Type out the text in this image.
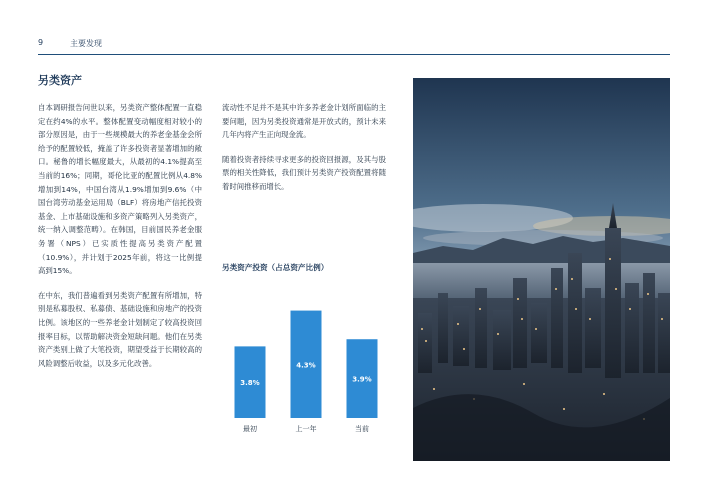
9	主要发现
另类资产

自本调研报告问世以来，另类资产整体配置一直稳定在约4%的水平。整体配置变动幅度相对较小的部分原因是，由于一些规模最大的养老金基金会所给予的配置较低，掩盖了许多投资者显著增加的敞口。秘鲁的增长幅度最大，从最初的4.1%提高至当前的16%；同期，哥伦比亚的配置比例从4.8%增加到14%，中国台湾从1.9%增加到9.6%（中国台湾劳动基金运用局（BLF）将房地产信托投资基金、上市基础设施和多资产策略列入另类资产，统一纳入调整范畴）。在韩国，目前国民养老金服务署（NPS）已实质性提高另类资产配置（10.9%），并计划于2025年前，将这一比例提高到15%。

在中东，我们普遍看到另类资产配置有所增加，特别是私募股权、私募债、基础设施和房地产的投资比例。该地区的一些养老金计划制定了较高投资回报率目标，以帮助解决资金短缺问题。他们在另类资产类别上做了大笔投资，期望受益于长期较高的风险调整后收益，以及多元化改善。

流动性不足并不是其中许多养老金计划所面临的主要问题，因为另类投资通常是开放式的，预计未来几年内将产生正向现金流。

随着投资者持续寻求更多的投资回报源，及其与股票的相关性降低，我们预计另类资产投资配置将随着时间推移而增长。

另类资产投资（占总资产比例）
3.8%
最初
4.3%
上一年
3.9%
当前
